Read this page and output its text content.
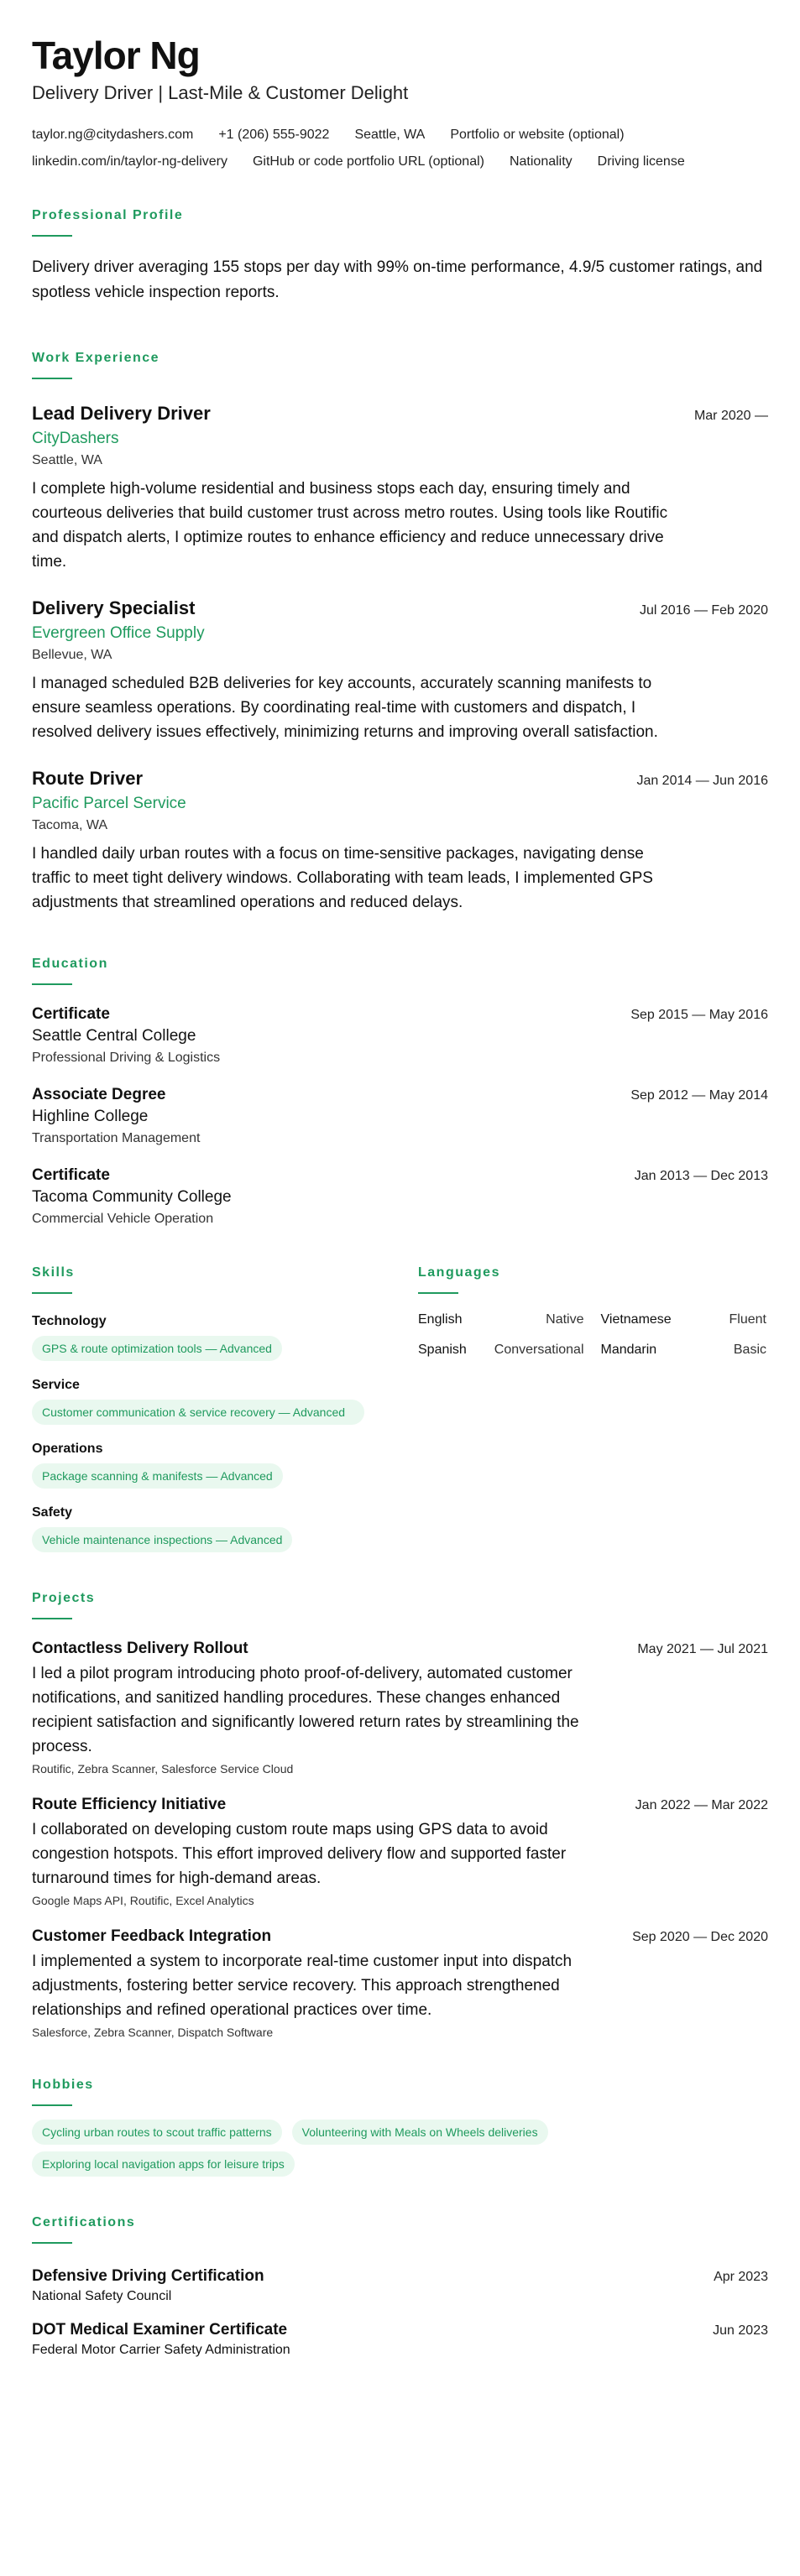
Taylor Ng
Delivery Driver | Last-Mile & Customer Delight
taylor.ng@citydashers.com +1 (206) 555-9022 Seattle, WA Portfolio or website (optional)
linkedin.com/in/taylor-ng-delivery GitHub or code portfolio URL (optional) Nationality Driving license
Professional Profile
Delivery driver averaging 155 stops per day with 99% on-time performance, 4.9/5 customer ratings, and spotless vehicle inspection reports.
Work Experience
Lead Delivery Driver	Mar 2020 —
CityDashers
Seattle, WA
I complete high-volume residential and business stops each day, ensuring timely and courteous deliveries that build customer trust across metro routes. Using tools like Routific and dispatch alerts, I optimize routes to enhance efficiency and reduce unnecessary drive time.
Delivery Specialist	Jul 2016 — Feb 2020
Evergreen Office Supply
Bellevue, WA
I managed scheduled B2B deliveries for key accounts, accurately scanning manifests to ensure seamless operations. By coordinating real-time with customers and dispatch, I resolved delivery issues effectively, minimizing returns and improving overall satisfaction.
Route Driver	Jan 2014 — Jun 2016
Pacific Parcel Service
Tacoma, WA
I handled daily urban routes with a focus on time-sensitive packages, navigating dense traffic to meet tight delivery windows. Collaborating with team leads, I implemented GPS adjustments that streamlined operations and reduced delays.
Education
Certificate	Sep 2015 — May 2016
Seattle Central College
Professional Driving & Logistics
Associate Degree	Sep 2012 — May 2014
Highline College
Transportation Management
Certificate	Jan 2013 — Dec 2013
Tacoma Community College
Commercial Vehicle Operation
Skills
Technology
GPS & route optimization tools — Advanced
Service
Customer communication & service recovery — Advanced
Operations
Package scanning & manifests — Advanced
Safety
Vehicle maintenance inspections — Advanced
Languages
English	Native Vietnamese	Fluent
Spanish Conversational Mandarin	Basic
Projects
Contactless Delivery Rollout	May 2021 — Jul 2021
I led a pilot program introducing photo proof-of-delivery, automated customer notifications, and sanitized handling procedures. These changes enhanced recipient satisfaction and significantly lowered return rates by streamlining the process.
Routific, Zebra Scanner, Salesforce Service Cloud
Route Efficiency Initiative	Jan 2022 — Mar 2022
I collaborated on developing custom route maps using GPS data to avoid congestion hotspots. This effort improved delivery flow and supported faster turnaround times for high-demand areas.
Google Maps API, Routific, Excel Analytics
Customer Feedback Integration	Sep 2020 — Dec 2020
I implemented a system to incorporate real-time customer input into dispatch adjustments, fostering better service recovery. This approach strengthened relationships and refined operational practices over time.
Salesforce, Zebra Scanner, Dispatch Software
Hobbies
Cycling urban routes to scout traffic patterns	Volunteering with Meals on Wheels deliveries
Exploring local navigation apps for leisure trips
Certifications
Defensive Driving Certification	Apr 2023
National Safety Council
DOT Medical Examiner Certificate	Jun 2023
Federal Motor Carrier Safety Administration
